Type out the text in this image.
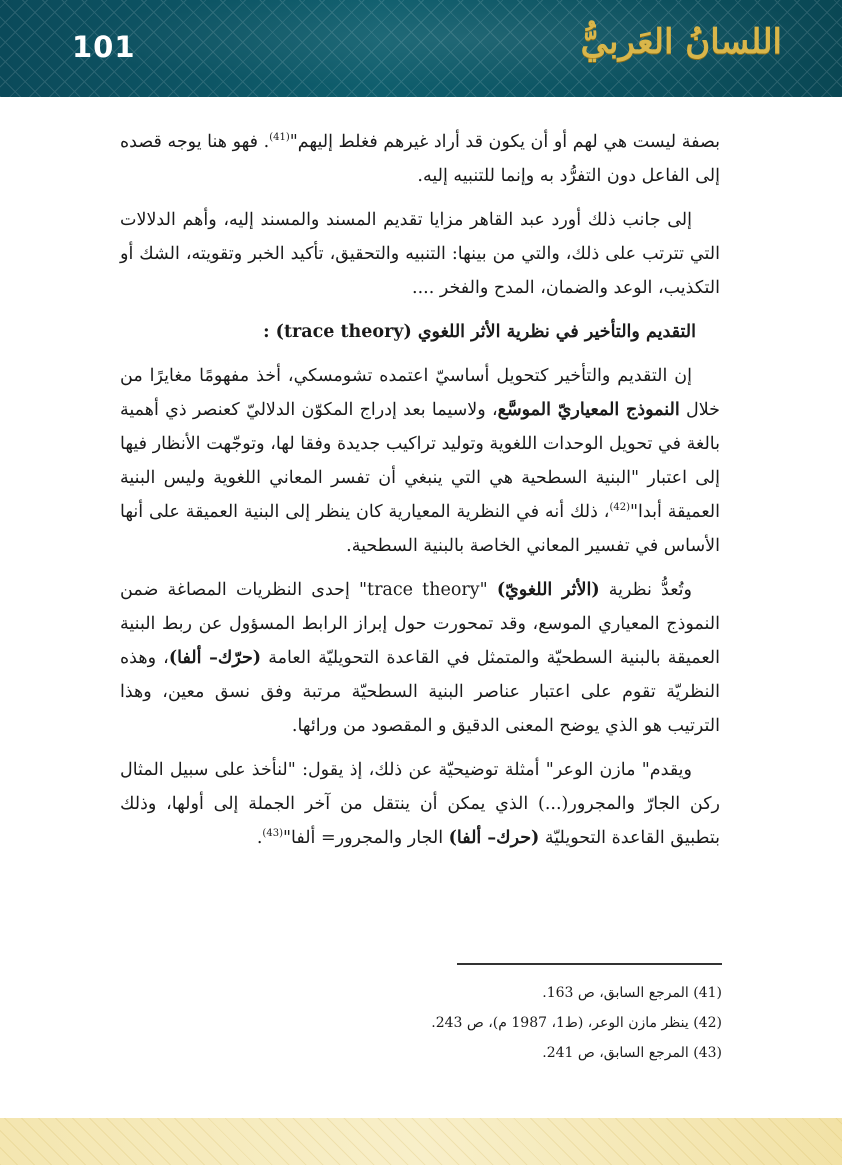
101	اللسانُ العَربيُّ

بصفة ليست هي لهم أو أن يكون قد أراد غيرهم فغلط إليهم"$^{(41)}$. فهو هنا يوجه قصده إلى الفاعل دون التفرُّد به وإنما للتنبيه إليه.

إلى جانب ذلك أورد عبد القاهر مزايا تقديم المسند والمسند إليه، وأهم الدلالات التي تترتب على ذلك، والتي من بينها: التنبيه والتحقيق، تأكيد الخبر وتقويته، الشك أو التكذيب، الوعد والضمان، المدح والفخر ....

التقديم والتأخير في نظرية الأثر اللغوي (trace theory) :

إن التقديم والتأخير كتحويل أساسيّ اعتمده تشومسكي، أخذ مفهومًا مغايرًا من خلال النموذج المعياريّ الموسَّع، ولاسيما بعد إدراج المكوّن الدلاليّ كعنصر ذي أهمية بالغة في تحويل الوحدات اللغوية وتوليد تراكيب جديدة وفقا لها، وتوجّهت الأنظار فيها إلى اعتبار "البنية السطحية هي التي ينبغي أن تفسر المعاني اللغوية وليس البنية العميقة أبدا"$^{(42)}$، ذلك أنه في النظرية المعيارية كان ينظر إلى البنية العميقة على أنها الأساس في تفسير المعاني الخاصة بالبنية السطحية.

وتُعدُّ نظرية (الأثر اللغويّ) "trace theory" إحدى النظريات المصاغة ضمن النموذج المعياري الموسع، وقد تمحورت حول إبراز الرابط المسؤول عن ربط البنية العميقة بالبنية السطحيّة والمتمثل في القاعدة التحويليّة العامة (حرّك– ألفا)، وهذه النظريّة تقوم على اعتبار عناصر البنية السطحيّة مرتبة وفق نسق معين، وهذا الترتيب هو الذي يوضح المعنى الدقيق و المقصود من ورائها.

ويقدم" مازن الوعر" أمثلة توضيحيّة عن ذلك، إذ يقول: "لنأخذ على سبيل المثال ركن الجارّ والمجرور(...) الذي يمكن أن ينتقل من آخر الجملة إلى أولها، وذلك بتطبيق القاعدة التحويليّة (حرك– ألفا) الجار والمجرور= ألفا"$^{(43)}$.

(41) المرجع السابق، ص 163.
(42) ينظر مازن الوعر، (ط1، 1987 م)، ص 243.
(43) المرجع السابق، ص 241.
